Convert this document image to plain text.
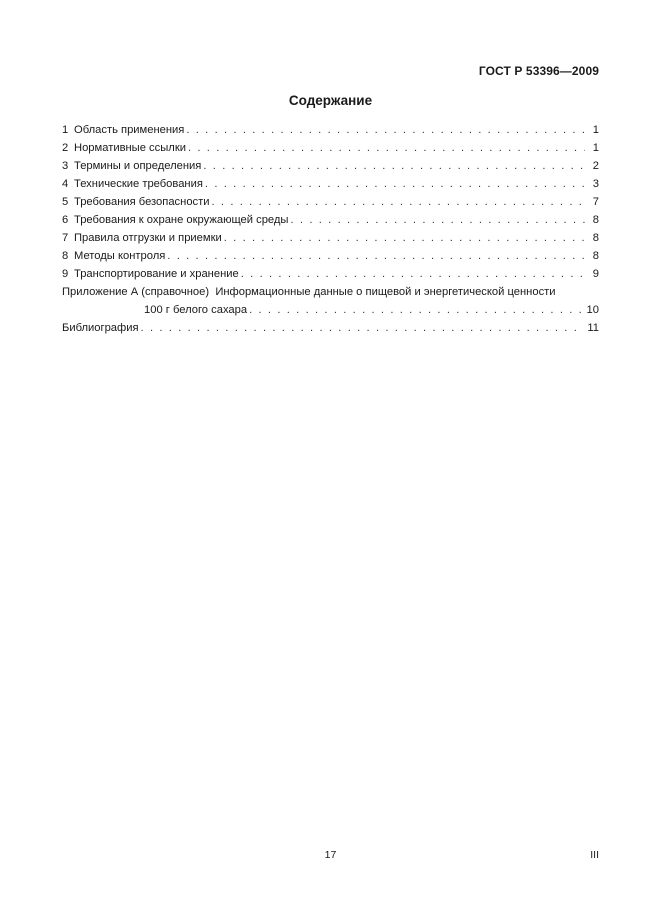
ГОСТ Р 53396—2009
Содержание
1 Область применения . . .	1
2 Нормативные ссылки . . .	1
3 Термины и определения . . .	2
4 Технические требования . . .	3
5 Требования безопасности . . .	7
6 Требования к охране окружающей среды . . .	8
7 Правила отгрузки и приемки . . .	8
8 Методы контроля . . .	8
9 Транспортирование и хранение . . .	9
Приложение А (справочное) Информационные данные о пищевой и энергетической ценности
100 г белого сахара . . .	10
Библиография . . .	11
17	III
